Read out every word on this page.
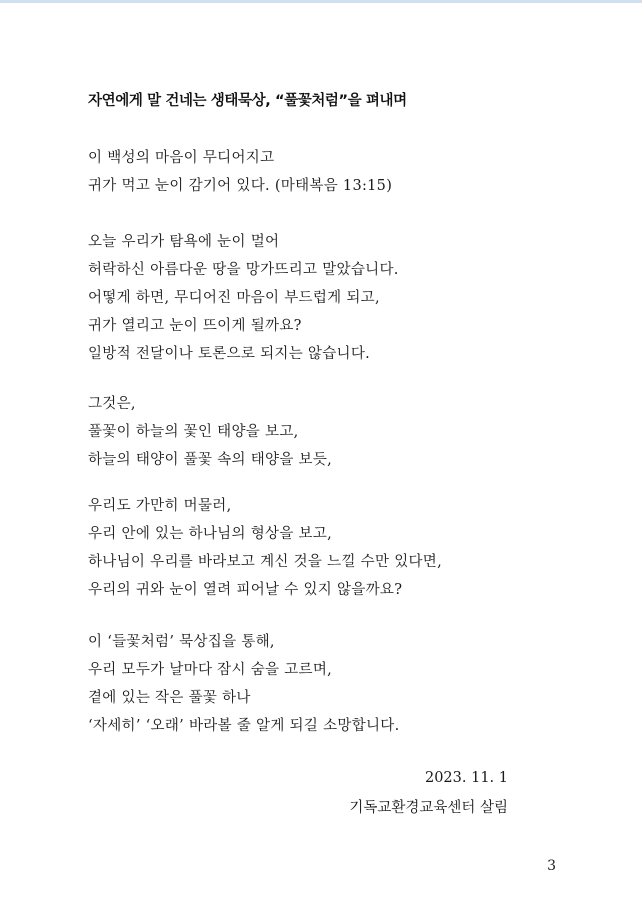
자연에게 말 건네는 생태묵상, “풀꽃처럼”을 펴내며
이 백성의 마음이 무디어지고
귀가 먹고 눈이 감기어 있다. (마태복음 13:15)
오늘 우리가 탐욕에 눈이 멀어
허락하신 아름다운 땅을 망가뜨리고 말았습니다.
어떻게 하면, 무디어진 마음이 부드럽게 되고,
귀가 열리고 눈이 뜨이게 될까요?
일방적 전달이나 토론으로 되지는 않습니다.
그것은,
풀꽃이 하늘의 꽃인 태양을 보고,
하늘의 태양이 풀꽃 속의 태양을 보듯,
우리도 가만히 머물러,
우리 안에 있는 하나님의 형상을 보고,
하나님이 우리를 바라보고 계신 것을 느낄 수만 있다면,
우리의 귀와 눈이 열려 피어날 수 있지 않을까요?
이 ‘들꽃처럼’ 묵상집을 통해,
우리 모두가 날마다 잠시 숨을 고르며,
곁에 있는 작은 풀꽃 하나
‘자세히’ ‘오래’ 바라볼 줄 알게 되길 소망합니다.
2023. 11. 1
기독교환경교육센터 살림
3
